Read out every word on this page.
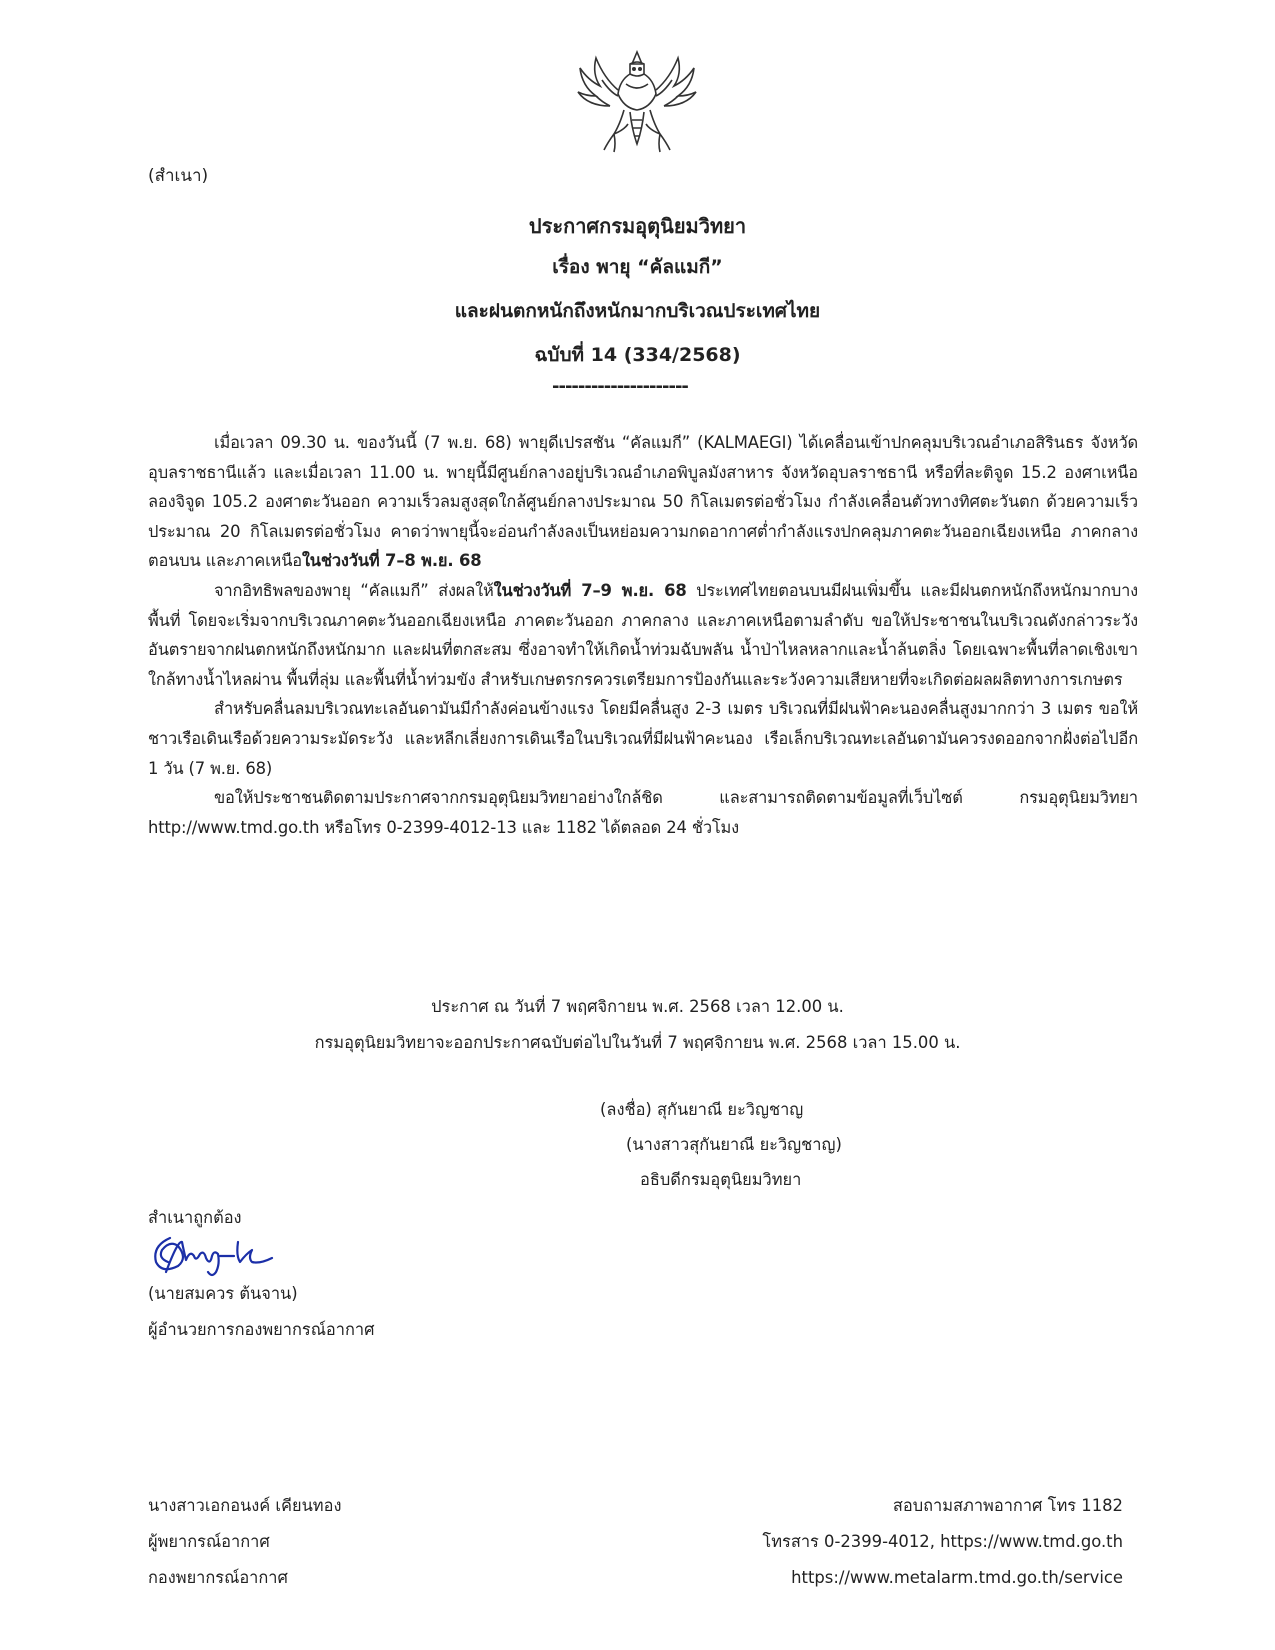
(สำเนา)
ประกาศกรมอุตุนิยมวิทยา
เรื่อง พายุ “คัลแมกี”
และฝนตกหนักถึงหนักมากบริเวณประเทศไทย
ฉบับที่ 14 (334/2568)
---------------------

เมื่อเวลา 09.30 น. ของวันนี้ (7 พ.ย. 68) พายุดีเปรสชัน “คัลแมกี” (KALMAEGI) ได้เคลื่อนเข้าปกคลุมบริเวณอำเภอสิรินธร จังหวัดอุบลราชธานีแล้ว และเมื่อเวลา 11.00 น. พายุนี้มีศูนย์กลางอยู่บริเวณอำเภอพิบูลมังสาหาร จังหวัดอุบลราชธานี หรือที่ละติจูด 15.2 องศาเหนือ ลองจิจูด 105.2 องศาตะวันออก ความเร็วลมสูงสุดใกล้ศูนย์กลางประมาณ 50 กิโลเมตรต่อชั่วโมง กำลังเคลื่อนตัวทางทิศตะวันตก ด้วยความเร็วประมาณ 20 กิโลเมตรต่อชั่วโมง คาดว่าพายุนี้จะอ่อนกำลังลงเป็นหย่อมความกดอากาศต่ำกำลังแรงปกคลุมภาคตะวันออกเฉียงเหนือ ภาคกลางตอนบน และภาคเหนือในช่วงวันที่ 7–8 พ.ย. 68

จากอิทธิพลของพายุ “คัลแมกี” ส่งผลให้ในช่วงวันที่ 7–9 พ.ย. 68 ประเทศไทยตอนบนมีฝนเพิ่มขึ้น และมีฝนตกหนักถึงหนักมากบางพื้นที่ โดยจะเริ่มจากบริเวณภาคตะวันออกเฉียงเหนือ ภาคตะวันออก ภาคกลาง และภาคเหนือตามลำดับ ขอให้ประชาชนในบริเวณดังกล่าวระวังอันตรายจากฝนตกหนักถึงหนักมาก และฝนที่ตกสะสม ซึ่งอาจทำให้เกิดน้ำท่วมฉับพลัน น้ำป่าไหลหลากและน้ำล้นตลิ่ง โดยเฉพาะพื้นที่ลาดเชิงเขาใกล้ทางน้ำไหลผ่าน พื้นที่ลุ่ม และพื้นที่น้ำท่วมขัง สำหรับเกษตรกรควรเตรียมการป้องกันและระวังความเสียหายที่จะเกิดต่อผลผลิตทางการเกษตร

สำหรับคลื่นลมบริเวณทะเลอันดามันมีกำลังค่อนข้างแรง โดยมีคลื่นสูง 2-3 เมตร บริเวณที่มีฝนฟ้าคะนองคลื่นสูงมากกว่า 3 เมตร ขอให้ชาวเรือเดินเรือด้วยความระมัดระวัง และหลีกเลี่ยงการเดินเรือในบริเวณที่มีฝนฟ้าคะนอง เรือเล็กบริเวณทะเลอันดามันควรงดออกจากฝั่งต่อไปอีก 1 วัน (7 พ.ย. 68)

ขอให้ประชาชนติดตามประกาศจากกรมอุตุนิยมวิทยาอย่างใกล้ชิด และสามารถติดตามข้อมูลที่เว็บไซต์ กรมอุตุนิยมวิทยา http://www.tmd.go.th หรือโทร 0-2399-4012-13 และ 1182 ได้ตลอด 24 ชั่วโมง

ประกาศ ณ วันที่ 7 พฤศจิกายน พ.ศ. 2568 เวลา 12.00 น.
กรมอุตุนิยมวิทยาจะออกประกาศฉบับต่อไปในวันที่ 7 พฤศจิกายน พ.ศ. 2568 เวลา 15.00 น.
(ลงชื่อ) สุกันยาณี ยะวิญชาญ
(นางสาวสุกันยาณี ยะวิญชาญ)
อธิบดีกรมอุตุนิยมวิทยา
สำเนาถูกต้อง
(นายสมควร ต้นจาน)
ผู้อำนวยการกองพยากรณ์อากาศ
นางสาวเอกอนงค์ เคียนทอง
ผู้พยากรณ์อากาศ
กองพยากรณ์อากาศ
สอบถามสภาพอากาศ โทร 1182
โทรสาร 0-2399-4012, https://www.tmd.go.th
https://www.metalarm.tmd.go.th/service
